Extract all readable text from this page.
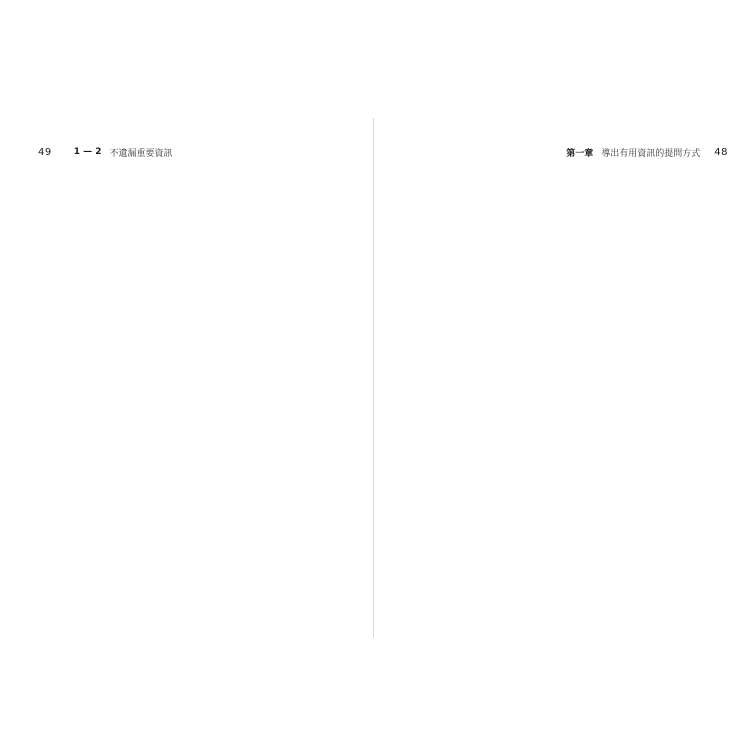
49 1 — 2 不遺漏重要資訊	第一章 導出有用資訊的提問方式 48
